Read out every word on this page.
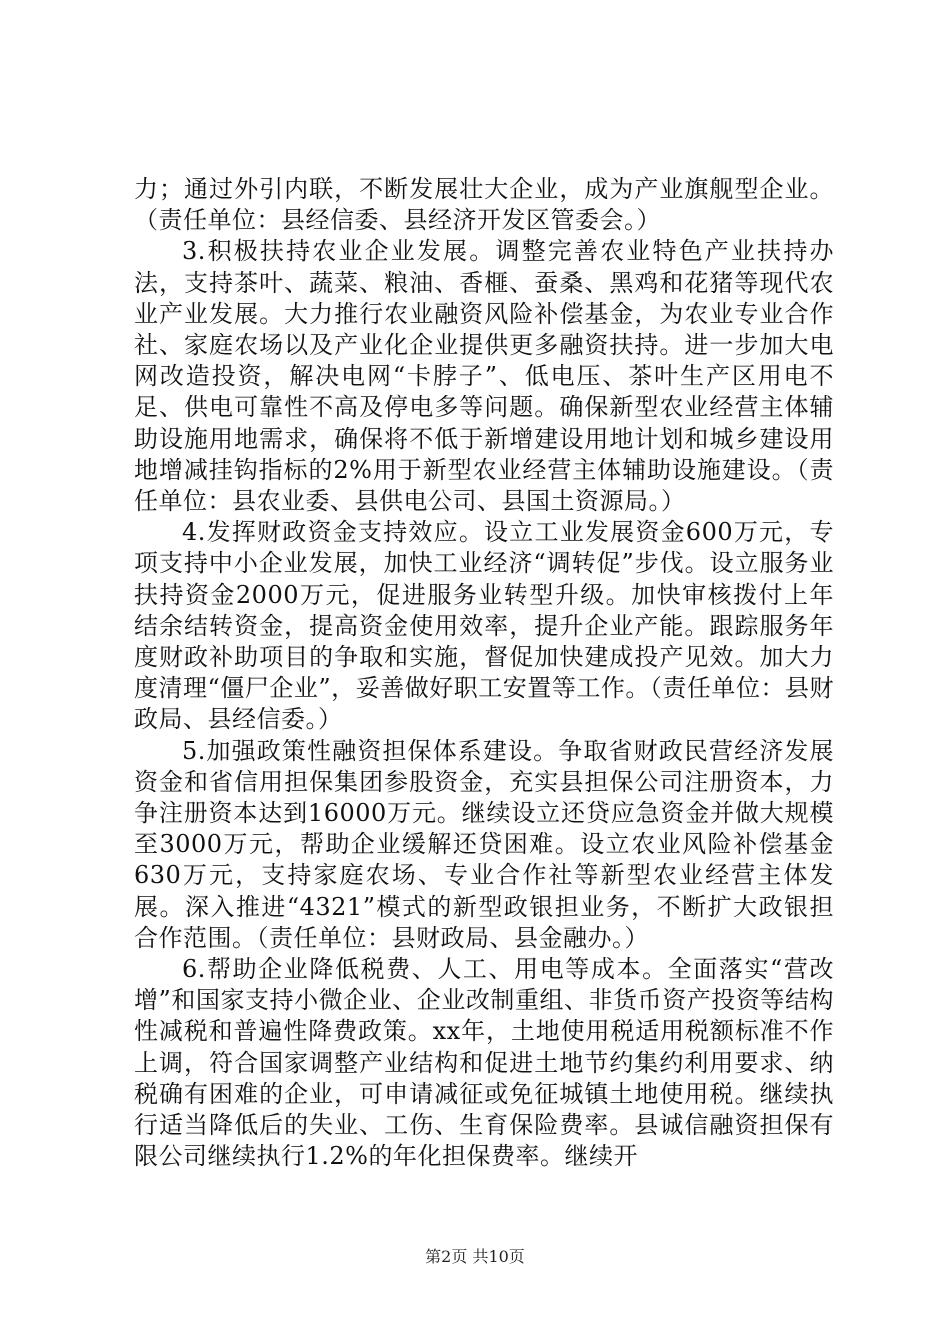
力；通过外引内联，不断发展壮大企业，成为产业旗舰型企业。（责任单位：县经信委、县经济开发区管委会。）

3.积极扶持农业企业发展。调整完善农业特色产业扶持办法，支持茶叶、蔬菜、粮油、香榧、蚕桑、黑鸡和花猪等现代农业产业发展。大力推行农业融资风险补偿基金，为农业专业合作社、家庭农场以及产业化企业提供更多融资扶持。进一步加大电网改造投资，解决电网“卡脖子”、低电压、茶叶生产区用电不足、供电可靠性不高及停电多等问题。确保新型农业经营主体辅助设施用地需求，确保将不低于新增建设用地计划和城乡建设用地增减挂钩指标的2%用于新型农业经营主体辅助设施建设。（责任单位：县农业委、县供电公司、县国土资源局。）

4.发挥财政资金支持效应。设立工业发展资金600万元，专项支持中小企业发展，加快工业经济“调转促”步伐。设立服务业扶持资金2000万元，促进服务业转型升级。加快审核拨付上年结余结转资金，提高资金使用效率，提升企业产能。跟踪服务年度财政补助项目的争取和实施，督促加快建成投产见效。加大力度清理“僵尸企业”，妥善做好职工安置等工作。（责任单位：县财政局、县经信委。）

5.加强政策性融资担保体系建设。争取省财政民营经济发展资金和省信用担保集团参股资金，充实县担保公司注册资本，力争注册资本达到16000万元。继续设立还贷应急资金并做大规模至3000万元，帮助企业缓解还贷困难。设立农业风险补偿基金630万元，支持家庭农场、专业合作社等新型农业经营主体发展。深入推进“4321”模式的新型政银担业务，不断扩大政银担合作范围。（责任单位：县财政局、县金融办。）

6.帮助企业降低税费、人工、用电等成本。全面落实“营改增”和国家支持小微企业、企业改制重组、非货币资产投资等结构性减税和普遍性降费政策。xx年，土地使用税适用税额标准不作上调，符合国家调整产业结构和促进土地节约集约利用要求、纳税确有困难的企业，可申请减征或免征城镇土地使用税。继续执行适当降低后的失业、工伤、生育保险费率。县诚信融资担保有限公司继续执行1.2%的年化担保费率。继续开

第2页 共10页
